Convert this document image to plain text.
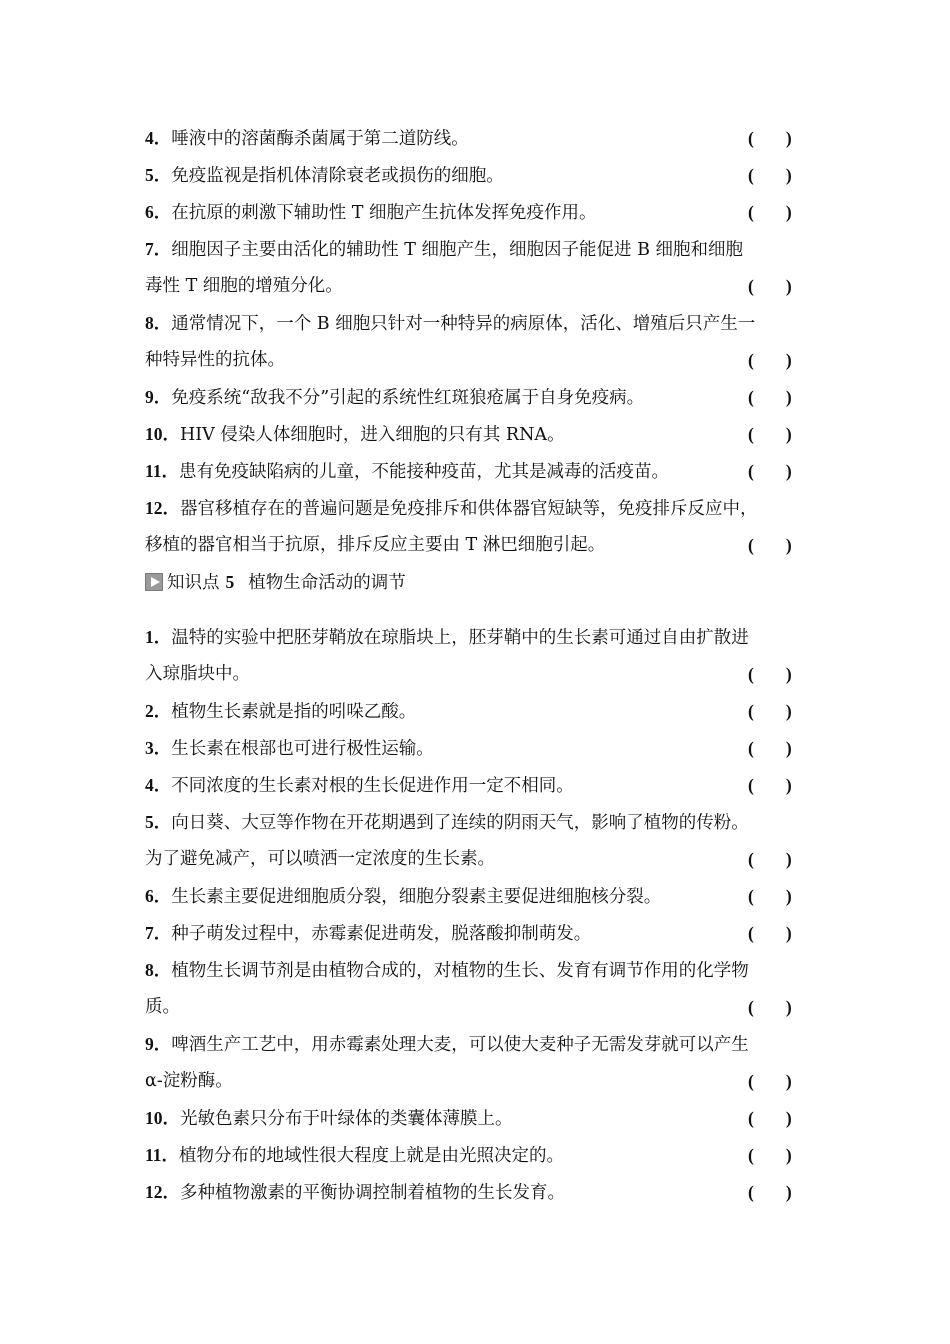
4．唾液中的溶菌酶杀菌属于第二道防线。	( )
5．免疫监视是指机体清除衰老或损伤的细胞。	( )
6．在抗原的刺激下辅助性 T 细胞产生抗体发挥免疫作用。	( )
7．细胞因子主要由活化的辅助性 T 细胞产生，细胞因子能促进 B 细胞和细胞
毒性 T 细胞的增殖分化。	( )
8．通常情况下，一个 B 细胞只针对一种特异的病原体，活化、增殖后只产生一
种特异性的抗体。	( )
9．免疫系统“敌我不分”引起的系统性红斑狼疮属于自身免疫病。	( )
10．HIV 侵染人体细胞时，进入细胞的只有其 RNA。	( )
11．患有免疫缺陷病的儿童，不能接种疫苗，尤其是减毒的活疫苗。	( )
12．器官移植存在的普遍问题是免疫排斥和供体器官短缺等，免疫排斥反应中，
移植的器官相当于抗原，排斥反应主要由 T 淋巴细胞引起。	( )
知识点 5 植物生命活动的调节
1．温特的实验中把胚芽鞘放在琼脂块上，胚芽鞘中的生长素可通过自由扩散进
入琼脂块中。	( )
2．植物生长素就是指的吲哚乙酸。	( )
3．生长素在根部也可进行极性运输。	( )
4．不同浓度的生长素对根的生长促进作用一定不相同。	( )
5．向日葵、大豆等作物在开花期遇到了连续的阴雨天气，影响了植物的传粉。
为了避免减产，可以喷洒一定浓度的生长素。	( )
6．生长素主要促进细胞质分裂，细胞分裂素主要促进细胞核分裂。	( )
7．种子萌发过程中，赤霉素促进萌发，脱落酸抑制萌发。	( )
8．植物生长调节剂是由植物合成的，对植物的生长、发育有调节作用的化学物
质。	( )
9．啤酒生产工艺中，用赤霉素处理大麦，可以使大麦种子无需发芽就可以产生
α-淀粉酶。	( )
10．光敏色素只分布于叶绿体的类囊体薄膜上。	( )
11．植物分布的地域性很大程度上就是由光照决定的。	( )
12．多种植物激素的平衡协调控制着植物的生长发育。	( )
